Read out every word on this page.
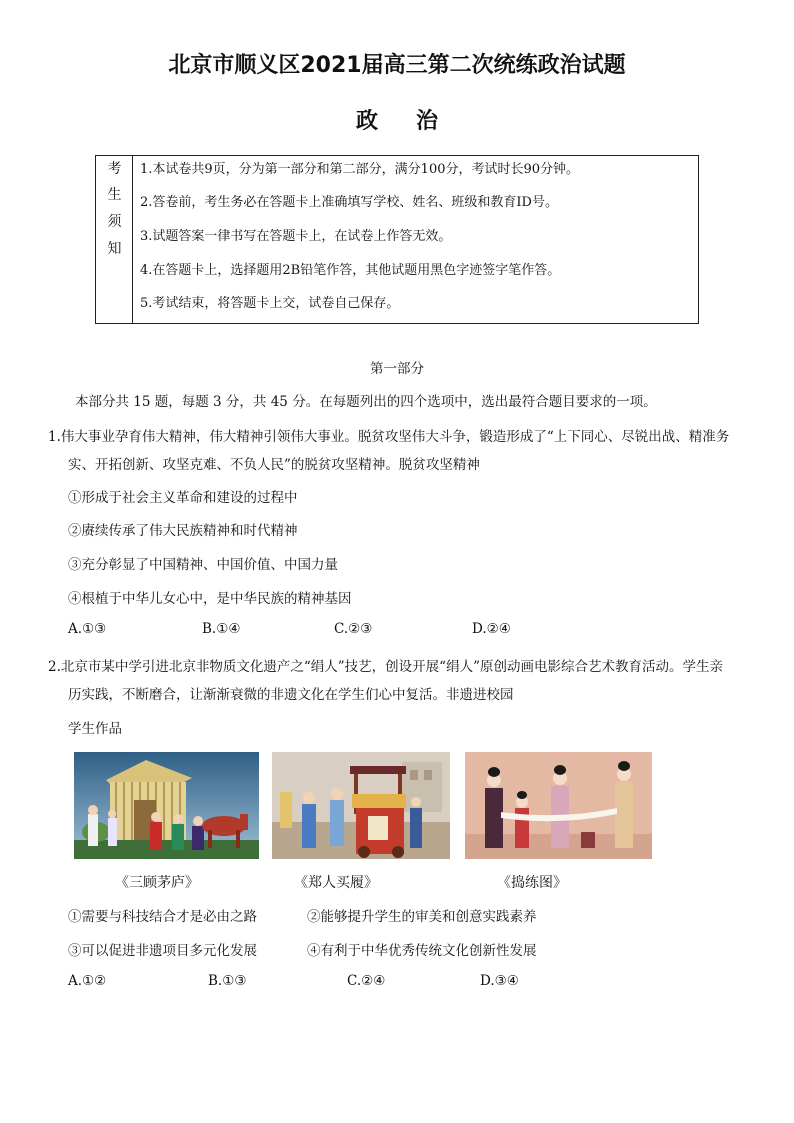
北京市顺义区2021届高三第二次统练政治试题
政治
考
生
须
知
1.本试卷共9页，分为第一部分和第二部分，满分100分，考试时长90分钟。
2.答卷前，考生务必在答题卡上准确填写学校、姓名、班级和教育ID号。
3.试题答案一律书写在答题卡上，在试卷上作答无效。
4.在答题卡上，选择题用2B铅笔作答，其他试题用黑色字迹签字笔作答。
5.考试结束，将答题卡上交，试卷自己保存。
第一部分
本部分共 15 题，每题 3 分，共 45 分。在每题列出的四个选项中，选出最符合题目要求的一项。
1.伟大事业孕育伟大精神，伟大精神引领伟大事业。脱贫攻坚伟大斗争，锻造形成了“上下同心、尽锐出战、精准务
实、开拓创新、攻坚克难、不负人民”的脱贫攻坚精神。脱贫攻坚精神
①形成于社会主义革命和建设的过程中
②赓续传承了伟大民族精神和时代精神
③充分彰显了中国精神、中国价值、中国力量
④根植于中华儿女心中，是中华民族的精神基因
A.①③	B.①④	C.②③	D.②④
2.北京市某中学引进北京非物质文化遗产之“绢人”技艺，创设开展“绢人”原创动画电影综合艺术教育活动。学生亲
历实践，不断磨合，让渐渐衰微的非遗文化在学生们心中复活。非遗进校园
学生作品
《三顾茅庐》	《郑人买履》	《捣练图》
①需要与科技结合才是必由之路	②能够提升学生的审美和创意实践素养
③可以促进非遗项目多元化发展	④有利于中华优秀传统文化创新性发展
A.①②	B.①③	C.②④	D.③④
